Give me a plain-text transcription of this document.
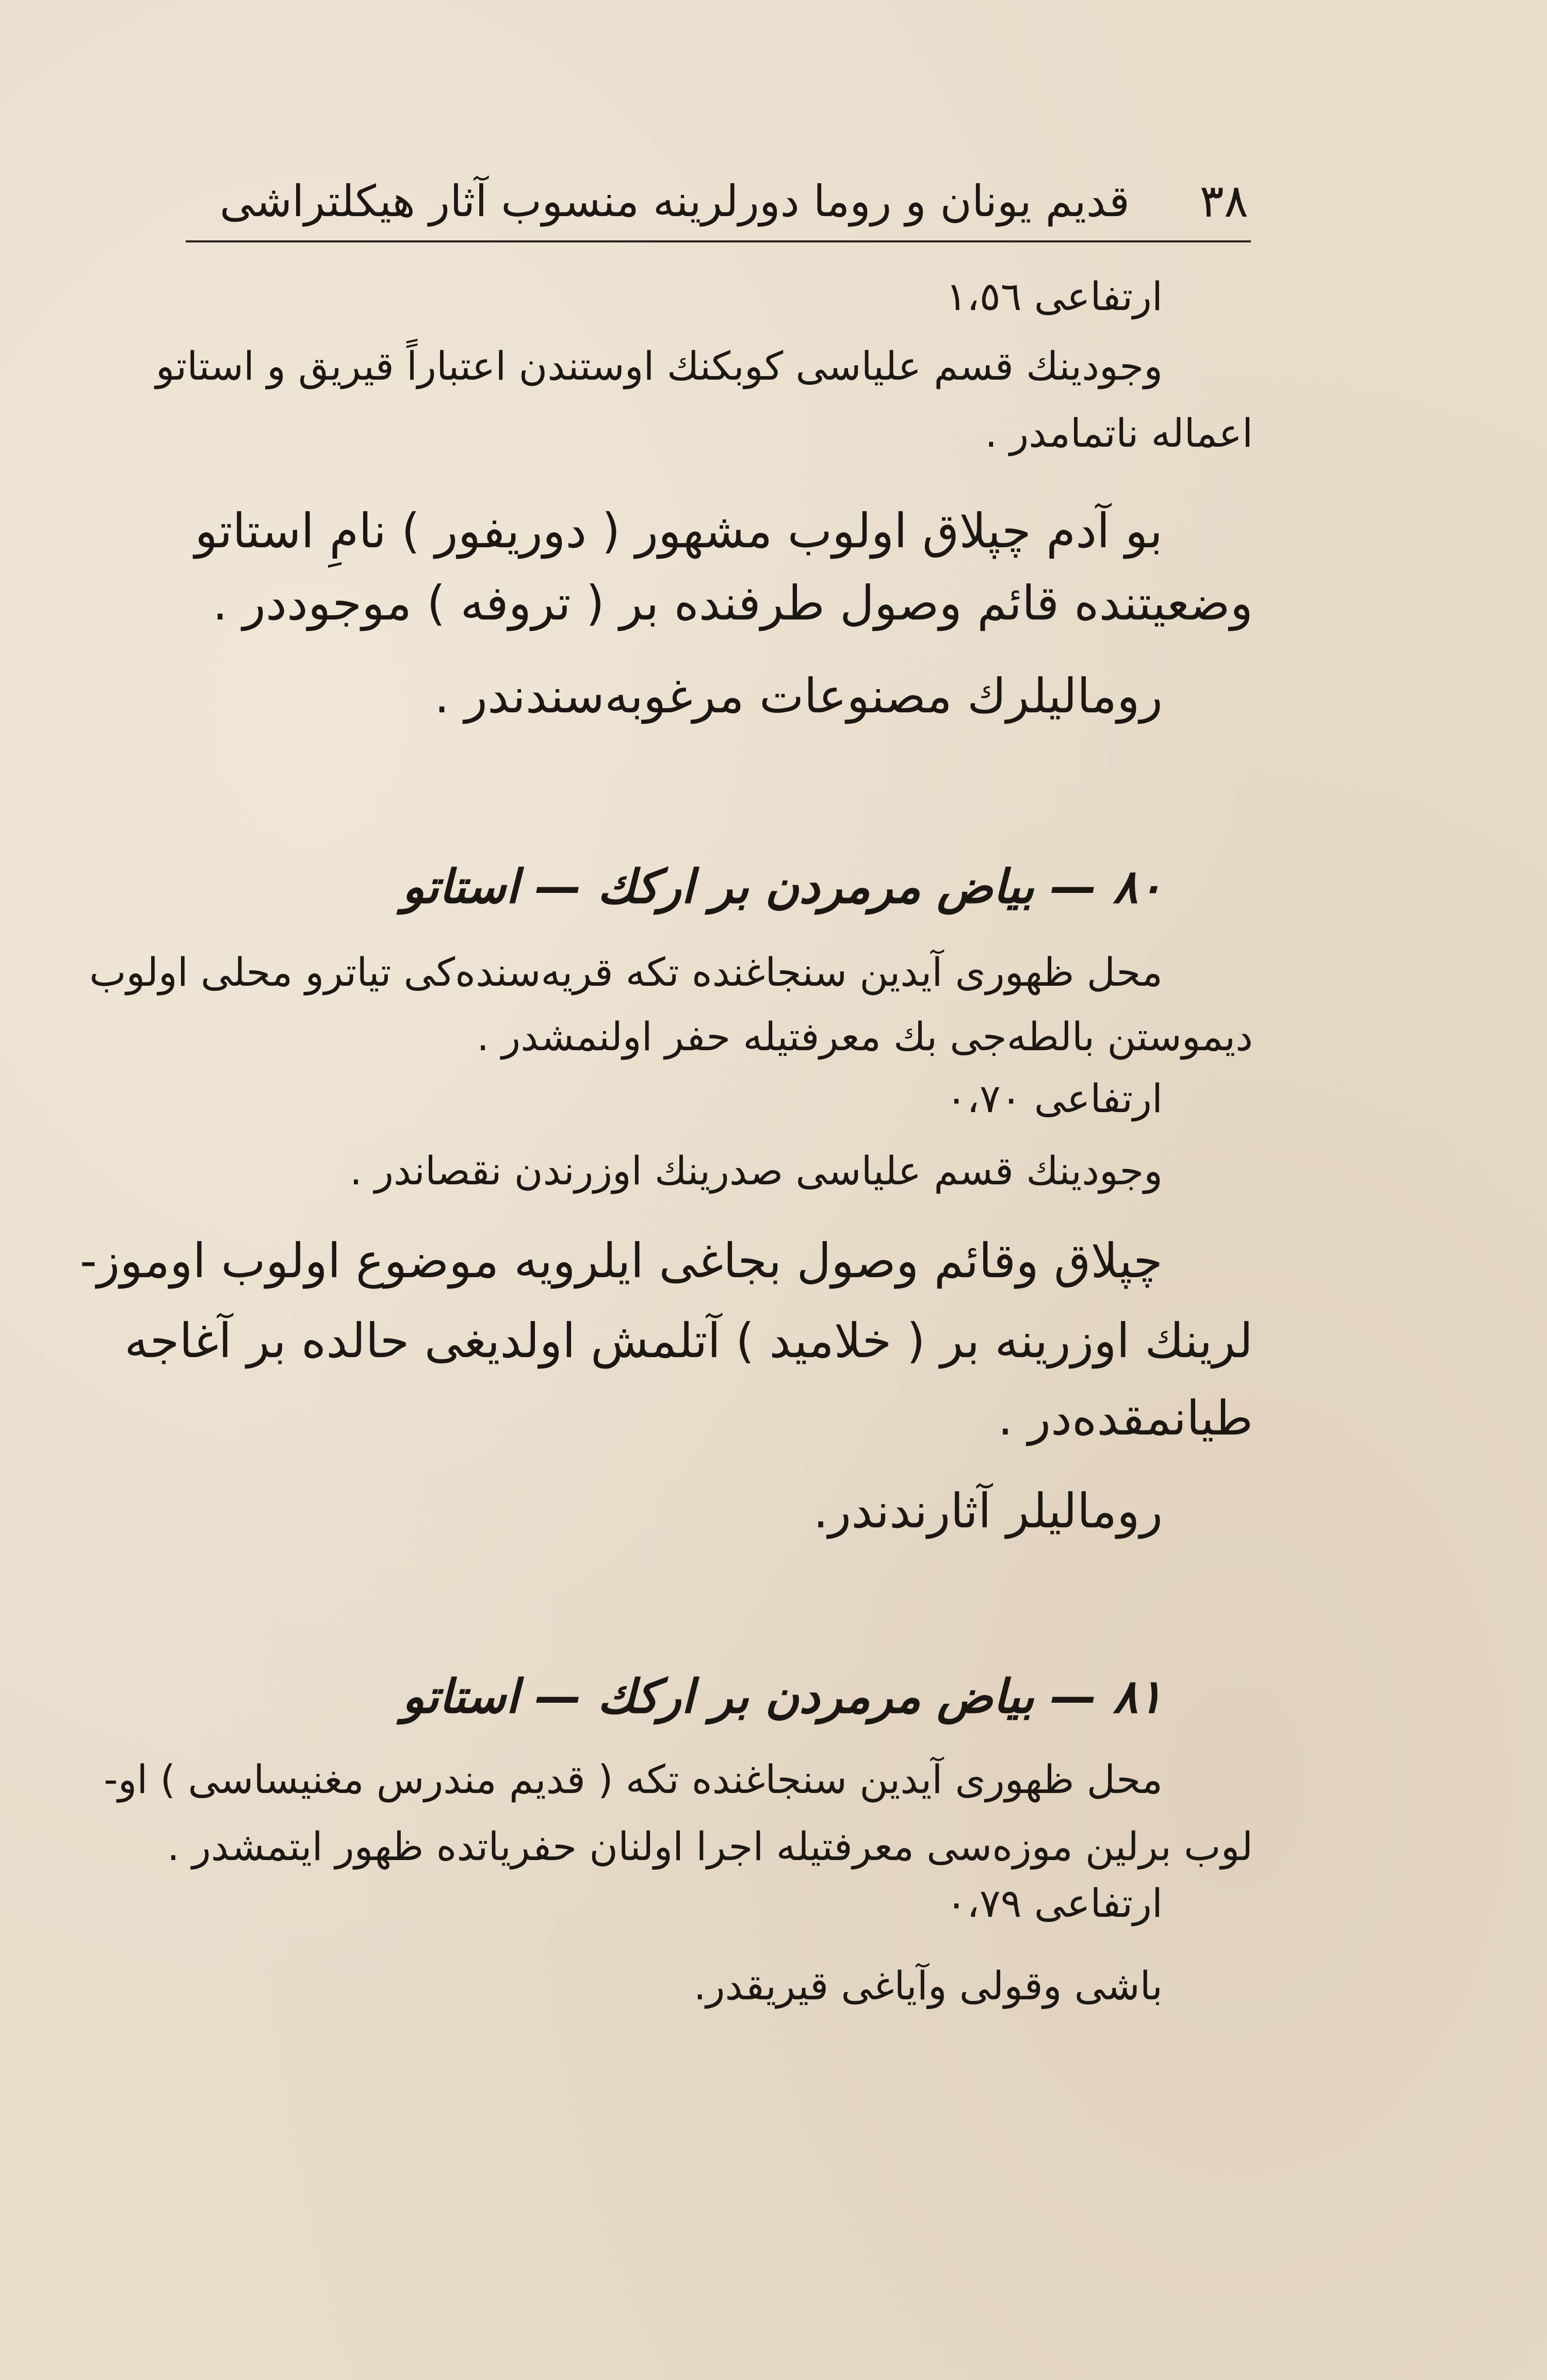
٣٨
قديم يونان و روما دورلرينه منسوب آثار هيكلتراشى
ارتفاعى ١،٥٦
وجودينك قسم علياسى كوبكنك اوستندن اعتباراً قيريق و استاتو
اعماله ناتمامدر .
بو آدم چپلاق اولوب مشهور ( دوريفور ) نامِ استاتو
وضعيتنده قائم وصول طرفنده بر ( تروفه ) موجوددر .
روماليلرك مصنوعات مرغوبه‌سندندر .
٨٠ — بياض مرمردن بر اركك — استاتو
محل ظهورى آيدين سنجاغنده تكه قريه‌سنده‌كى تياترو محلى اولوب
ديموستن بالطه‌جى بك معرفتيله حفر اولنمشدر .
ارتفاعى ٠،٧٠
وجودينك قسم علياسى صدرينك اوزرندن نقصاندر .
چپلاق وقائم وصول بجاغى ايلرويه موضوع اولوب اوموز-
لرينك اوزرينه بر ( خلاميد ) آتلمش اولديغى حالده بر آغاجه
طيانمقده‌در .
روماليلر آثارندندر.
٨١ — بياض مرمردن بر اركك — استاتو
محل ظهورى آيدين سنجاغنده تكه ( قديم مندرس مغنيساسى ) او-
لوب برلين موزه‌سى معرفتيله اجرا اولنان حفرياتده ظهور ايتمشدر .
ارتفاعى ٠،٧٩
باشى وقولى وآياغى قيريقدر.
